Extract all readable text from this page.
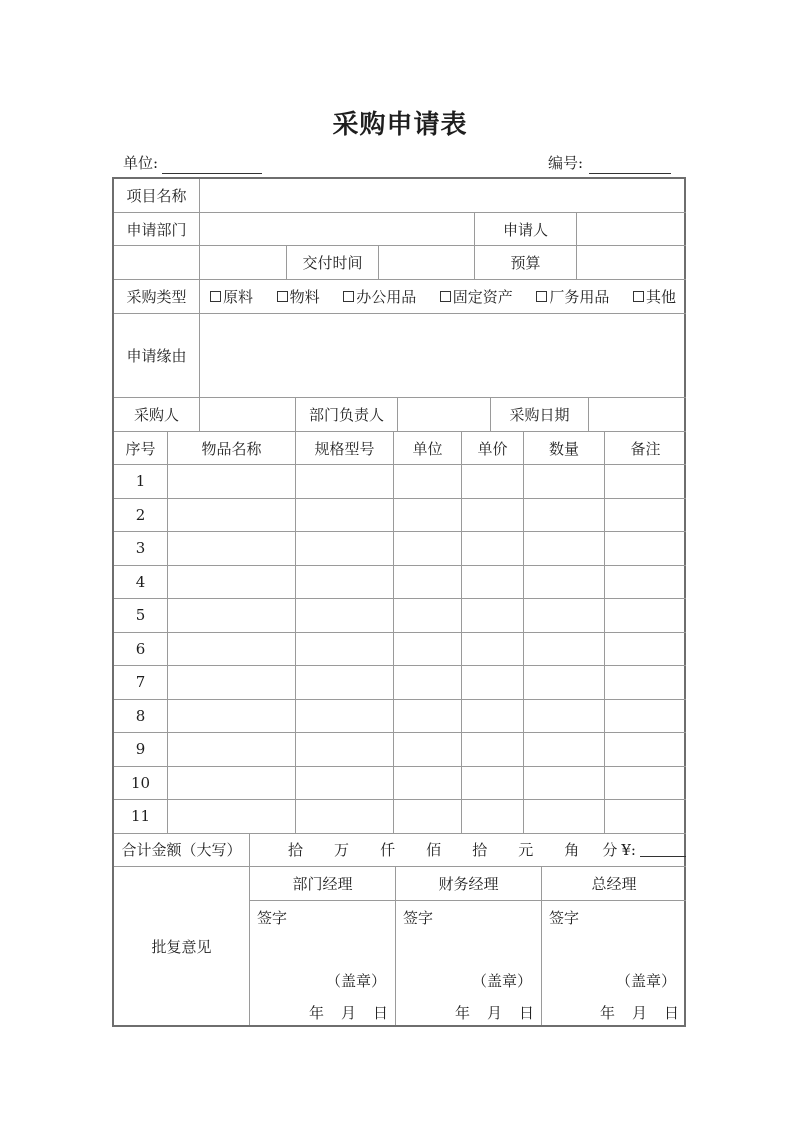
采购申请表
单位:	编号:
项目名称
申请部门	申请人
交付时间	预算
采购类型	原料 物料 办公用品 固定资产 厂务用品 其他
申请缘由
采购人	部门负责人	采购日期
序号	物品名称	规格型号	单位	单价	数量	备注
1
2
3
4
5
6
7
8
9
10
11
合计金额（大写）	拾	万	仟	佰	拾	元	角	分 ¥:
批复意见
部门经理	财务经理	总经理
签字	签字	签字
（盖章）	（盖章）	（盖章）
年 月 日	年 月 日	年 月 日
